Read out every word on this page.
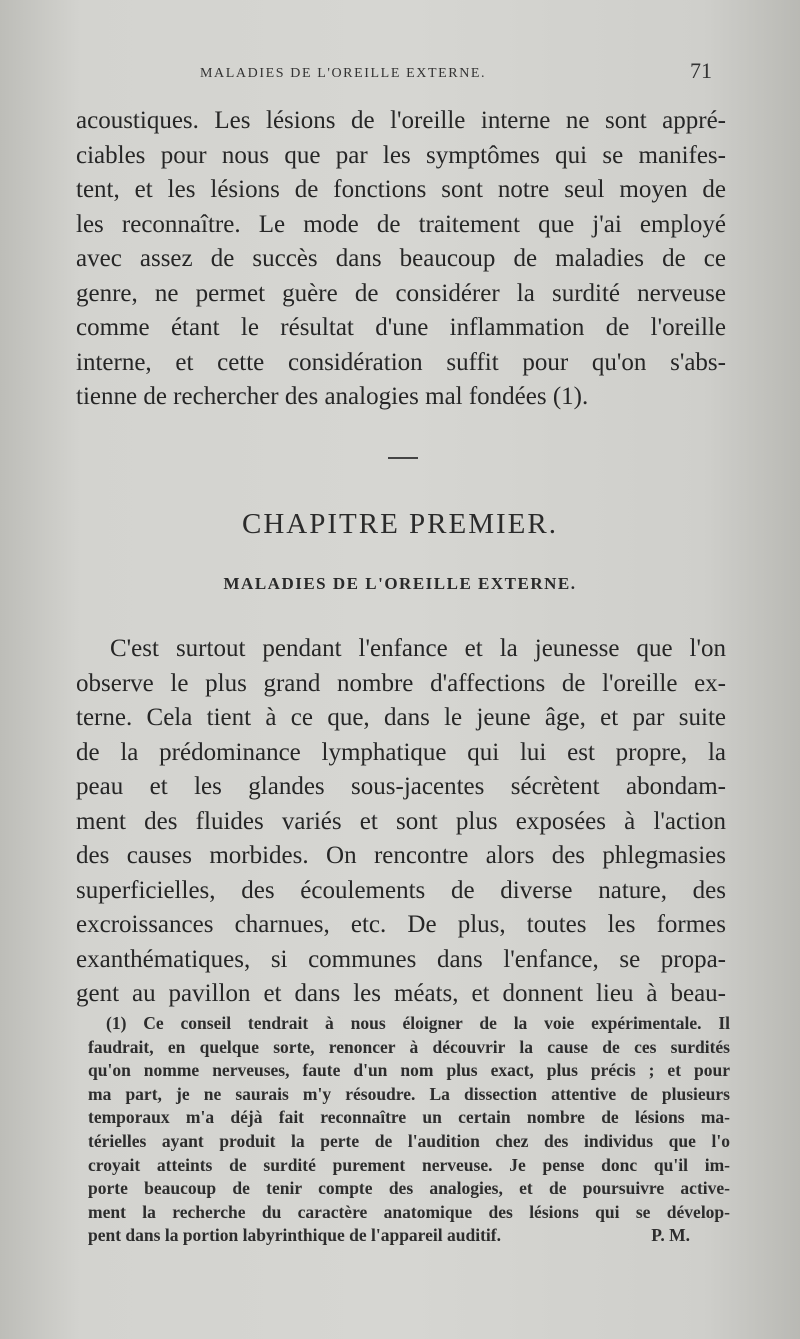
MALADIES DE L'OREILLE EXTERNE.	71
acoustiques. Les lésions de l'oreille interne ne sont appré-
ciables pour nous que par les symptômes qui se manifes-
tent, et les lésions de fonctions sont notre seul moyen de
les reconnaître. Le mode de traitement que j'ai employé
avec assez de succès dans beaucoup de maladies de ce
genre, ne permet guère de considérer la surdité nerveuse
comme étant le résultat d'une inflammation de l'oreille
interne, et cette considération suffit pour qu'on s'abs-
tienne de rechercher des analogies mal fondées (1).
CHAPITRE PREMIER.
MALADIES DE L'OREILLE EXTERNE.
C'est surtout pendant l'enfance et la jeunesse que l'on
observe le plus grand nombre d'affections de l'oreille ex-
terne. Cela tient à ce que, dans le jeune âge, et par suite
de la prédominance lymphatique qui lui est propre, la
peau et les glandes sous-jacentes sécrètent abondam-
ment des fluides variés et sont plus exposées à l'action
des causes morbides. On rencontre alors des phlegmasies
superficielles, des écoulements de diverse nature, des
excroissances charnues, etc. De plus, toutes les formes
exanthématiques, si communes dans l'enfance, se propa-
gent au pavillon et dans les méats, et donnent lieu à beau-
(1) Ce conseil tendrait à nous éloigner de la voie expérimentale. Il
faudrait, en quelque sorte, renoncer à découvrir la cause de ces surdités
qu'on nomme nerveuses, faute d'un nom plus exact, plus précis ; et pour
ma part, je ne saurais m'y résoudre. La dissection attentive de plusieurs
temporaux m'a déjà fait reconnaître un certain nombre de lésions ma-
térielles ayant produit la perte de l'audition chez des individus que l'o
croyait atteints de surdité purement nerveuse. Je pense donc qu'il im-
porte beaucoup de tenir compte des analogies, et de poursuivre active-
ment la recherche du caractère anatomique des lésions qui se dévelop-
pent dans la portion labyrinthique de l'appareil auditif.	P. M.
